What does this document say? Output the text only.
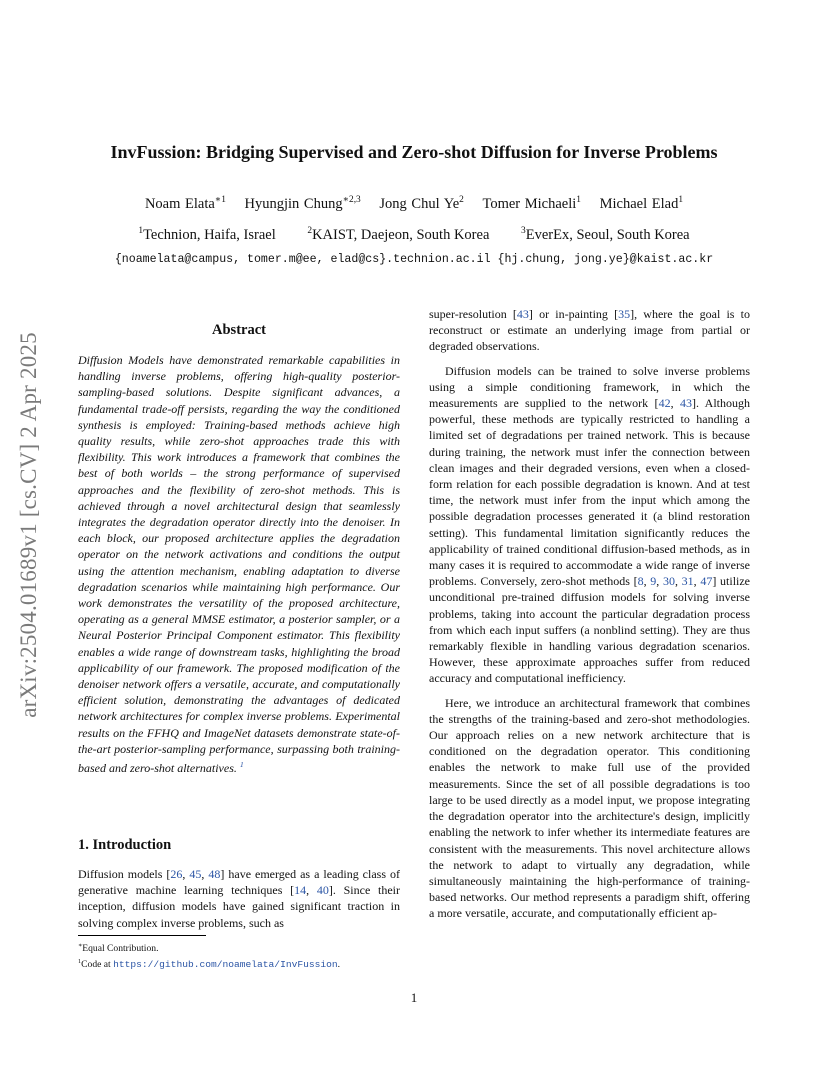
arXiv:2504.01689v1 [cs.CV] 2 Apr 2025
InvFussion: Bridging Supervised and Zero-shot Diffusion for Inverse Problems
Noam Elata$^{∗1}$ Hyungjin Chung$^{∗2,3}$ Jong Chul Ye$^2$ Tomer Michaeli$^1$ Michael Elad$^1$
$^1$Technion, Haifa, Israel	$^2$KAIST, Daejeon, South Korea	$^3$EverEx, Seoul, South Korea
{noamelata@campus, tomer.m@ee, elad@cs}.technion.ac.il {hj.chung, jong.ye}@kaist.ac.kr
Abstract
Diffusion Models have demonstrated remarkable capabilities in handling inverse problems, offering high-quality posterior-sampling-based solutions. Despite significant advances, a fundamental trade-off persists, regarding the way the conditioned synthesis is employed: Training-based methods achieve high quality results, while zero-shot approaches trade this with flexibility. This work introduces a framework that combines the best of both worlds – the strong performance of supervised approaches and the flexibility of zero-shot methods. This is achieved through a novel architectural design that seamlessly integrates the degradation operator directly into the denoiser. In each block, our proposed architecture applies the degradation operator on the network activations and conditions the output using the attention mechanism, enabling adaptation to diverse degradation scenarios while maintaining high performance. Our work demonstrates the versatility of the proposed architecture, operating as a general MMSE estimator, a posterior sampler, or a Neural Posterior Principal Component estimator. This flexibility enables a wide range of downstream tasks, highlighting the broad applicability of our framework. The proposed modification of the denoiser network offers a versatile, accurate, and computationally efficient solution, demonstrating the advantages of dedicated network architectures for complex inverse problems. Experimental results on the FFHQ and ImageNet datasets demonstrate state-of-the-art posterior-sampling performance, surpassing both training-based and zero-shot alternatives. $^1$
1. Introduction
Diffusion models [26, 45, 48] have emerged as a leading class of generative machine learning techniques [14, 40]. Since their inception, diffusion models have gained significant traction in solving complex inverse problems, such as

super-resolution [43] or in-painting [35], where the goal is to reconstruct or estimate an underlying image from partial or degraded observations.

Diffusion models can be trained to solve inverse problems using a simple conditioning framework, in which the measurements are supplied to the network [42, 43]. Although powerful, these methods are typically restricted to handling a limited set of degradations per trained network. This is because during training, the network must infer the connection between clean images and their degraded versions, even when a closed-form relation for each possible degradation is known. And at test time, the network must infer from the input which among the possible degradation processes generated it (a blind restoration setting). This fundamental limitation significantly reduces the applicability of trained conditional diffusion-based methods, as in many cases it is required to accommodate a wide range of inverse problems. Conversely, zero-shot methods [8, 9, 30, 31, 47] utilize unconditional pre-trained diffusion models for solving inverse problems, taking into account the particular degradation process from which each input suffers (a nonblind setting). They are thus remarkably flexible in handling various degradation scenarios. However, these approximate approaches suffer from reduced accuracy and computational inefficiency.

Here, we introduce an architectural framework that combines the strengths of the training-based and zero-shot methodologies. Our approach relies on a new network architecture that is conditioned on the degradation operator. This conditioning enables the network to make full use of the provided measurements. Since the set of all possible degradations is too large to be used directly as a model input, we propose integrating the degradation operator into the architecture's design, implicitly enabling the network to infer whether its intermediate features are consistent with the measurements. This novel architecture allows the network to adapt to virtually any degradation, while simultaneously maintaining the high-performance of training-based networks. Our method represents a paradigm shift, offering a more versatile, accurate, and computationally efficient ap-

∗Equal Contribution.
$^1$Code at https://github.com/noamelata/InvFussion.
1
